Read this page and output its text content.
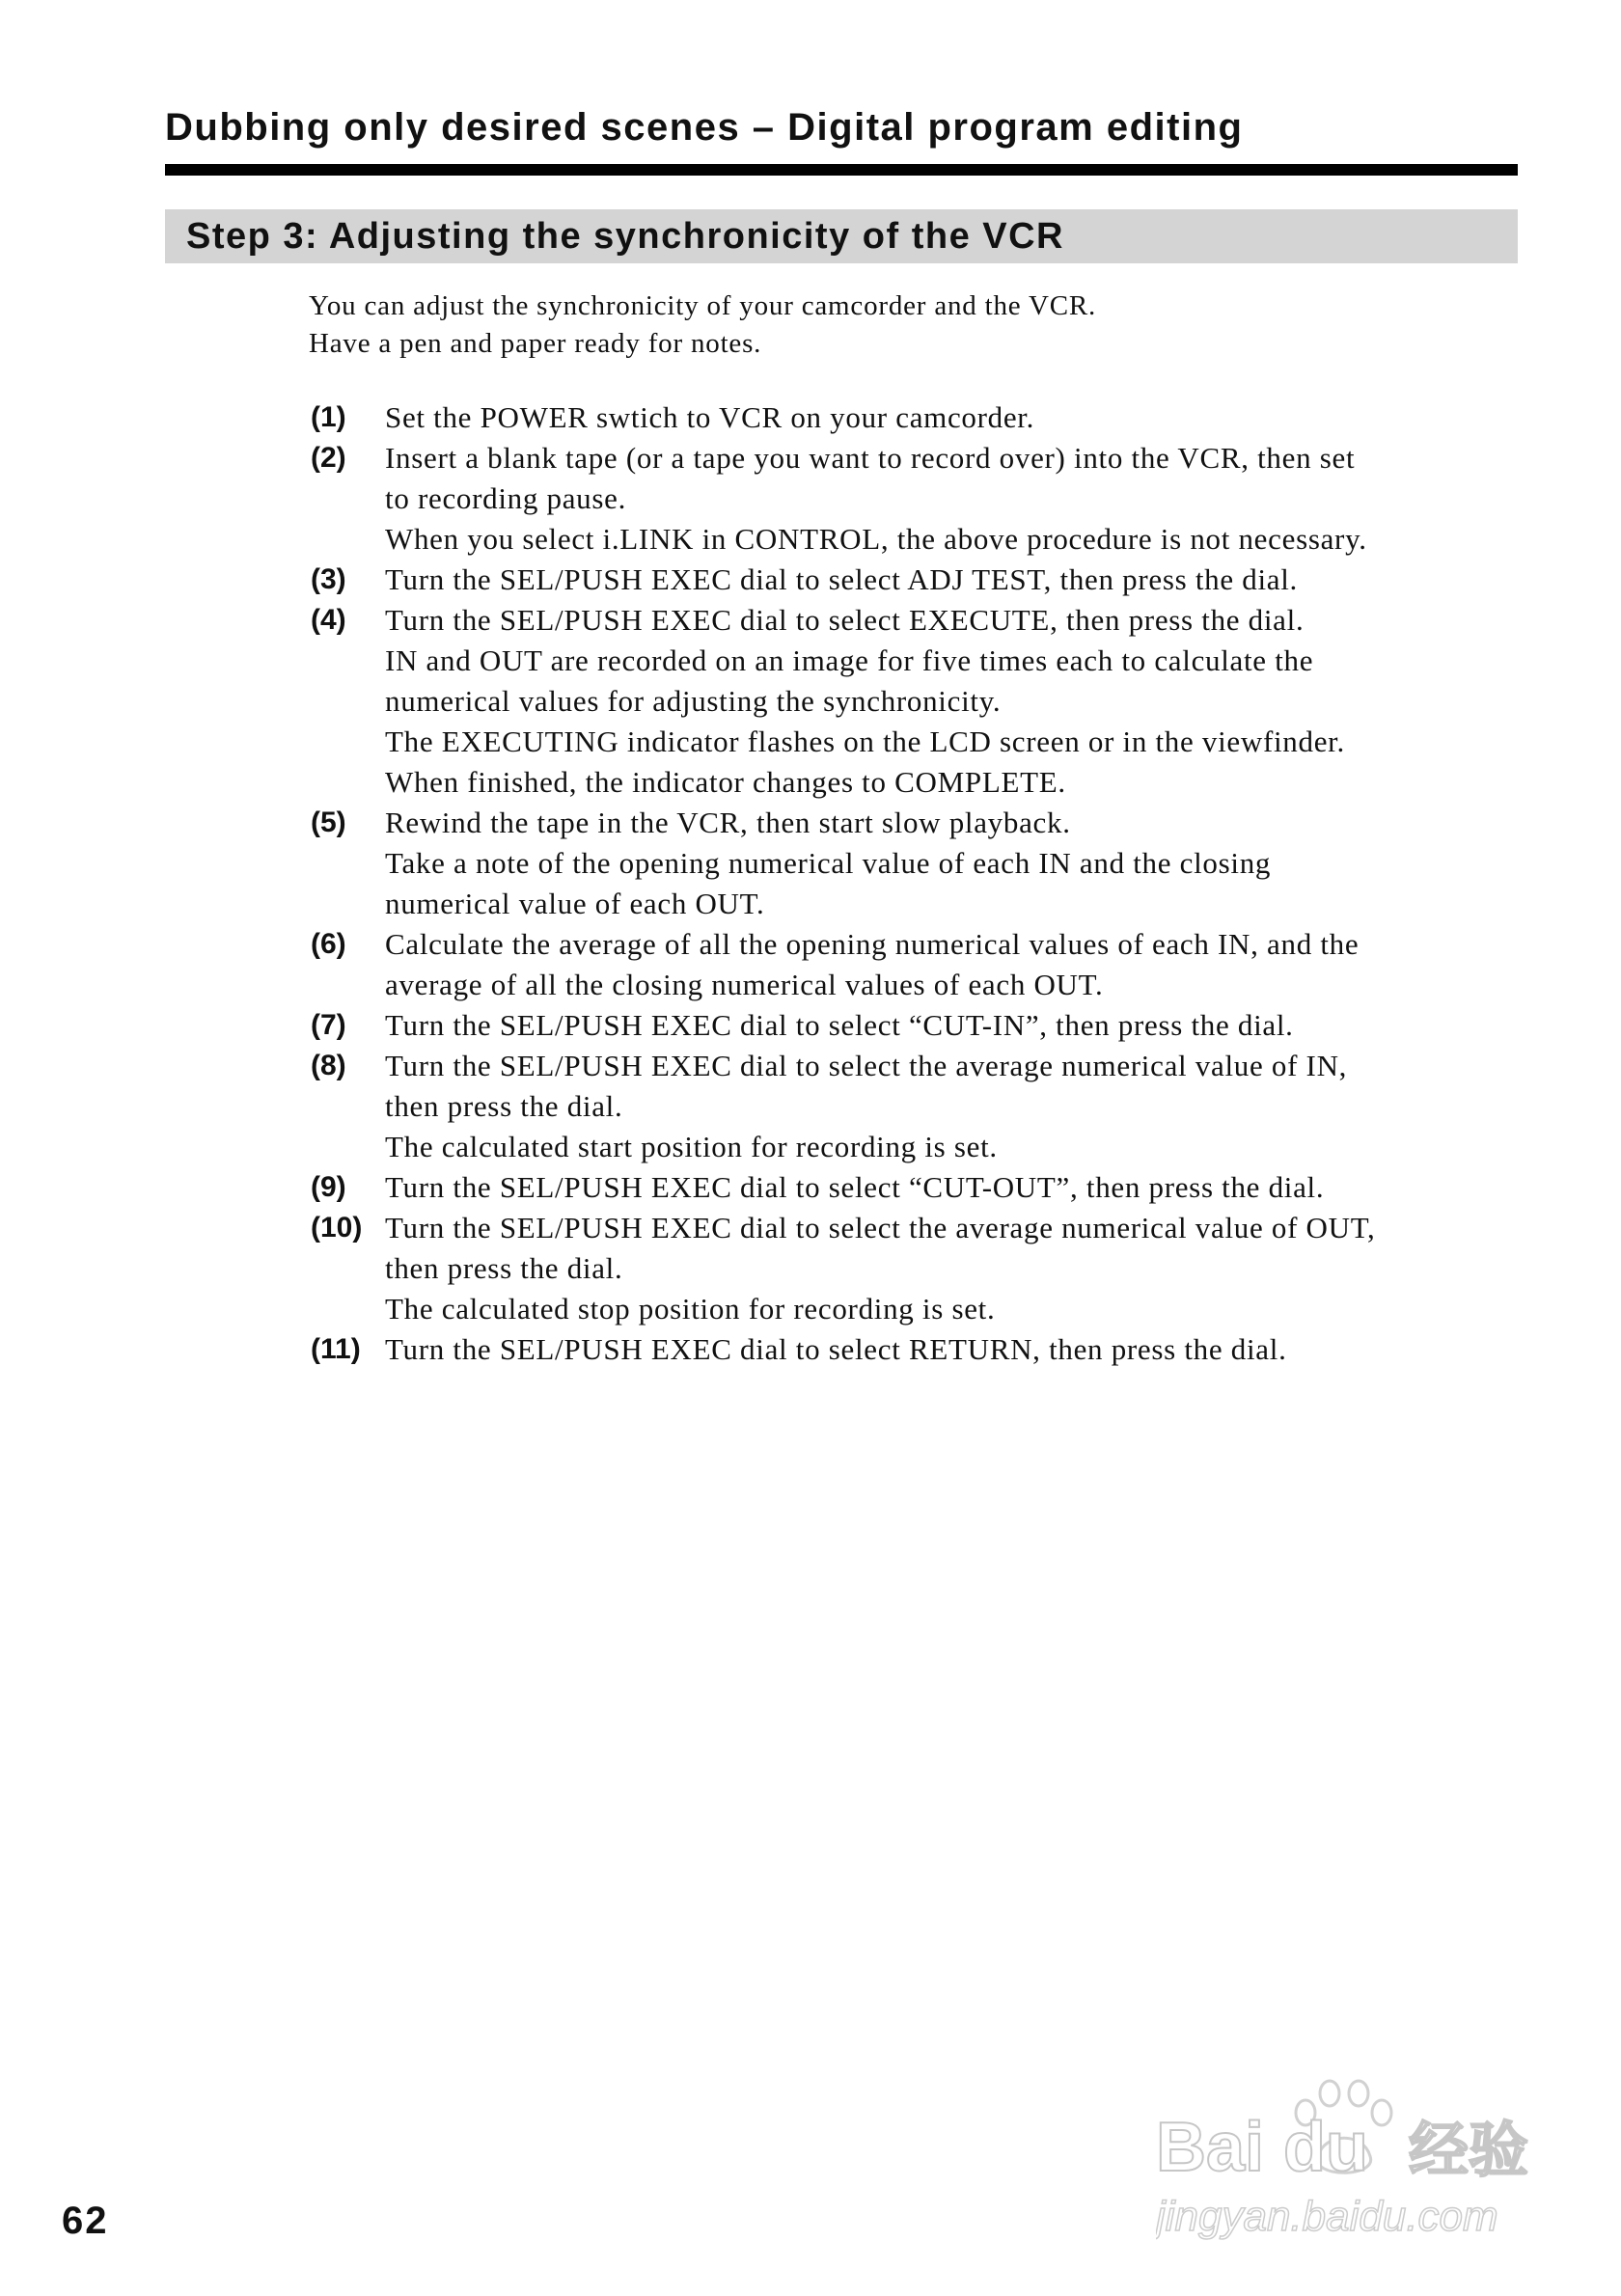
Dubbing only desired scenes – Digital program editing
Step 3: Adjusting the synchronicity of the VCR

You can adjust the synchronicity of your camcorder and the VCR.

Have a pen and paper ready for notes.

(1) Set the POWER swtich to VCR on your camcorder.
(2) Insert a blank tape (or a tape you want to record over) into the VCR, then set
to recording pause.
When you select i.LINK in CONTROL, the above procedure is not necessary.
(3) Turn the SEL/PUSH EXEC dial to select ADJ TEST, then press the dial.
(4) Turn the SEL/PUSH EXEC dial to select EXECUTE, then press the dial.
IN and OUT are recorded on an image for five times each to calculate the
numerical values for adjusting the synchronicity.
The EXECUTING indicator flashes on the LCD screen or in the viewfinder.
When finished, the indicator changes to COMPLETE.
(5) Rewind the tape in the VCR, then start slow playback.
Take a note of the opening numerical value of each IN and the closing
numerical value of each OUT.
(6) Calculate the average of all the opening numerical values of each IN, and the
average of all the closing numerical values of each OUT.
(7) Turn the SEL/PUSH EXEC dial to select “CUT-IN”, then press the dial.
(8) Turn the SEL/PUSH EXEC dial to select the average numerical value of IN,
then press the dial.
The calculated start position for recording is set.
(9) Turn the SEL/PUSH EXEC dial to select “CUT-OUT”, then press the dial.
(10) Turn the SEL/PUSH EXEC dial to select the average numerical value of OUT,
then press the dial.
The calculated stop position for recording is set.
(11) Turn the SEL/PUSH EXEC dial to select RETURN, then press the dial.
62
Bai du 经验
jingyan.baidu.com
